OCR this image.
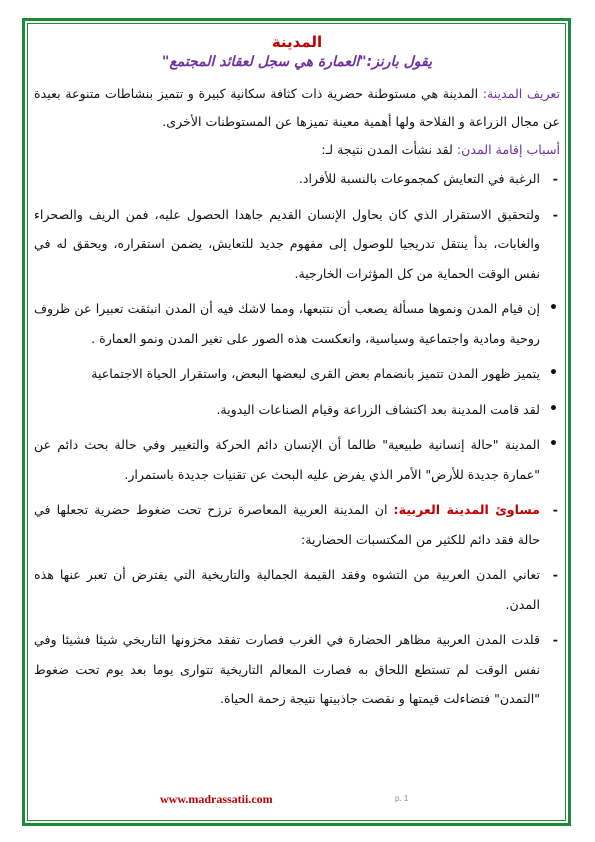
المدينة

يقول بارنز:"العمارة هي سجل لعقائد المجتمع"

تعريف المدينة: المدينة هي مستوطنة حضرية ذات كثافة سكانية كبيرة و تتميز بنشاطات متنوعة بعيدة عن مجال الزراعة و الفلاحة ولها أهمية معينة تميزها عن المستوطنات الأخرى.

أسباب إقامة المدن: لقد نشأت المدن نتيجة لـ:

-
الرغبة في التعايش كمجموعات بالنسبة للأفراد.
-
ولتحقيق الاستقرار الذي كان يحاول الإنسان القديم جاهدا الحصول عليه، فمن الريف والصحراء والغابات، بدأ ينتقل تدريجيا للوصول إلى مفهوم جديد للتعايش، يضمن استقراره، ويحقق له في نفس الوقت الحماية من كل المؤثرات الخارجية.
•
إن قيام المدن ونموها مسألة يصعب أن نتتبعها، ومما لاشك فيه أن المدن انبثقت تعبيرا عن ظروف روحية ومادية واجتماعية وسياسية، وانعكست هذه الصور على تغير المدن ونمو العمارة .
•
يتميز ظهور المدن تتميز بانضمام بعض القرى لبعضها البعض، واستقرار الحياة الاجتماعية
•
لقد قامت المدينة بعد اكتشاف الزراعة وقيام الصناعات اليدوية.
•
المدينة "حالة إنسانية طبيعية" طالما أن الإنسان دائم الحركة والتغيير وفي حالة بحث دائم عن "عمارة جديدة للأرض" الأمر الذي يفرض عليه البحث عن تقنيات جديدة باستمرار.
-
مساوئ المدينة العربية: ان المدينة العربية المعاصرة ترزح تحت ضغوط حضرية تجعلها في حالة فقد دائم للكثير من المكتسبات الحضارية:
-
تعاني المدن العربية من التشوه وفقد القيمة الجمالية والتاريخية التي يفترض أن تعبر عنها هذه المدن.
-
قلدت المدن العربية مظاهر الحضارة في الغرب فصارت تفقد مخزونها التاريخي شيئا فشيئا وفي نفس الوقت لم تستطع اللحاق به فصارت المعالم التاريخية تتوارى يوما بعد يوم تحت ضغوط "التمدن" فتضاءلت قيمتها و نقصت جاذبيتها نتيجة زحمة الحياة.
www.madrassatii.com	p. 1
